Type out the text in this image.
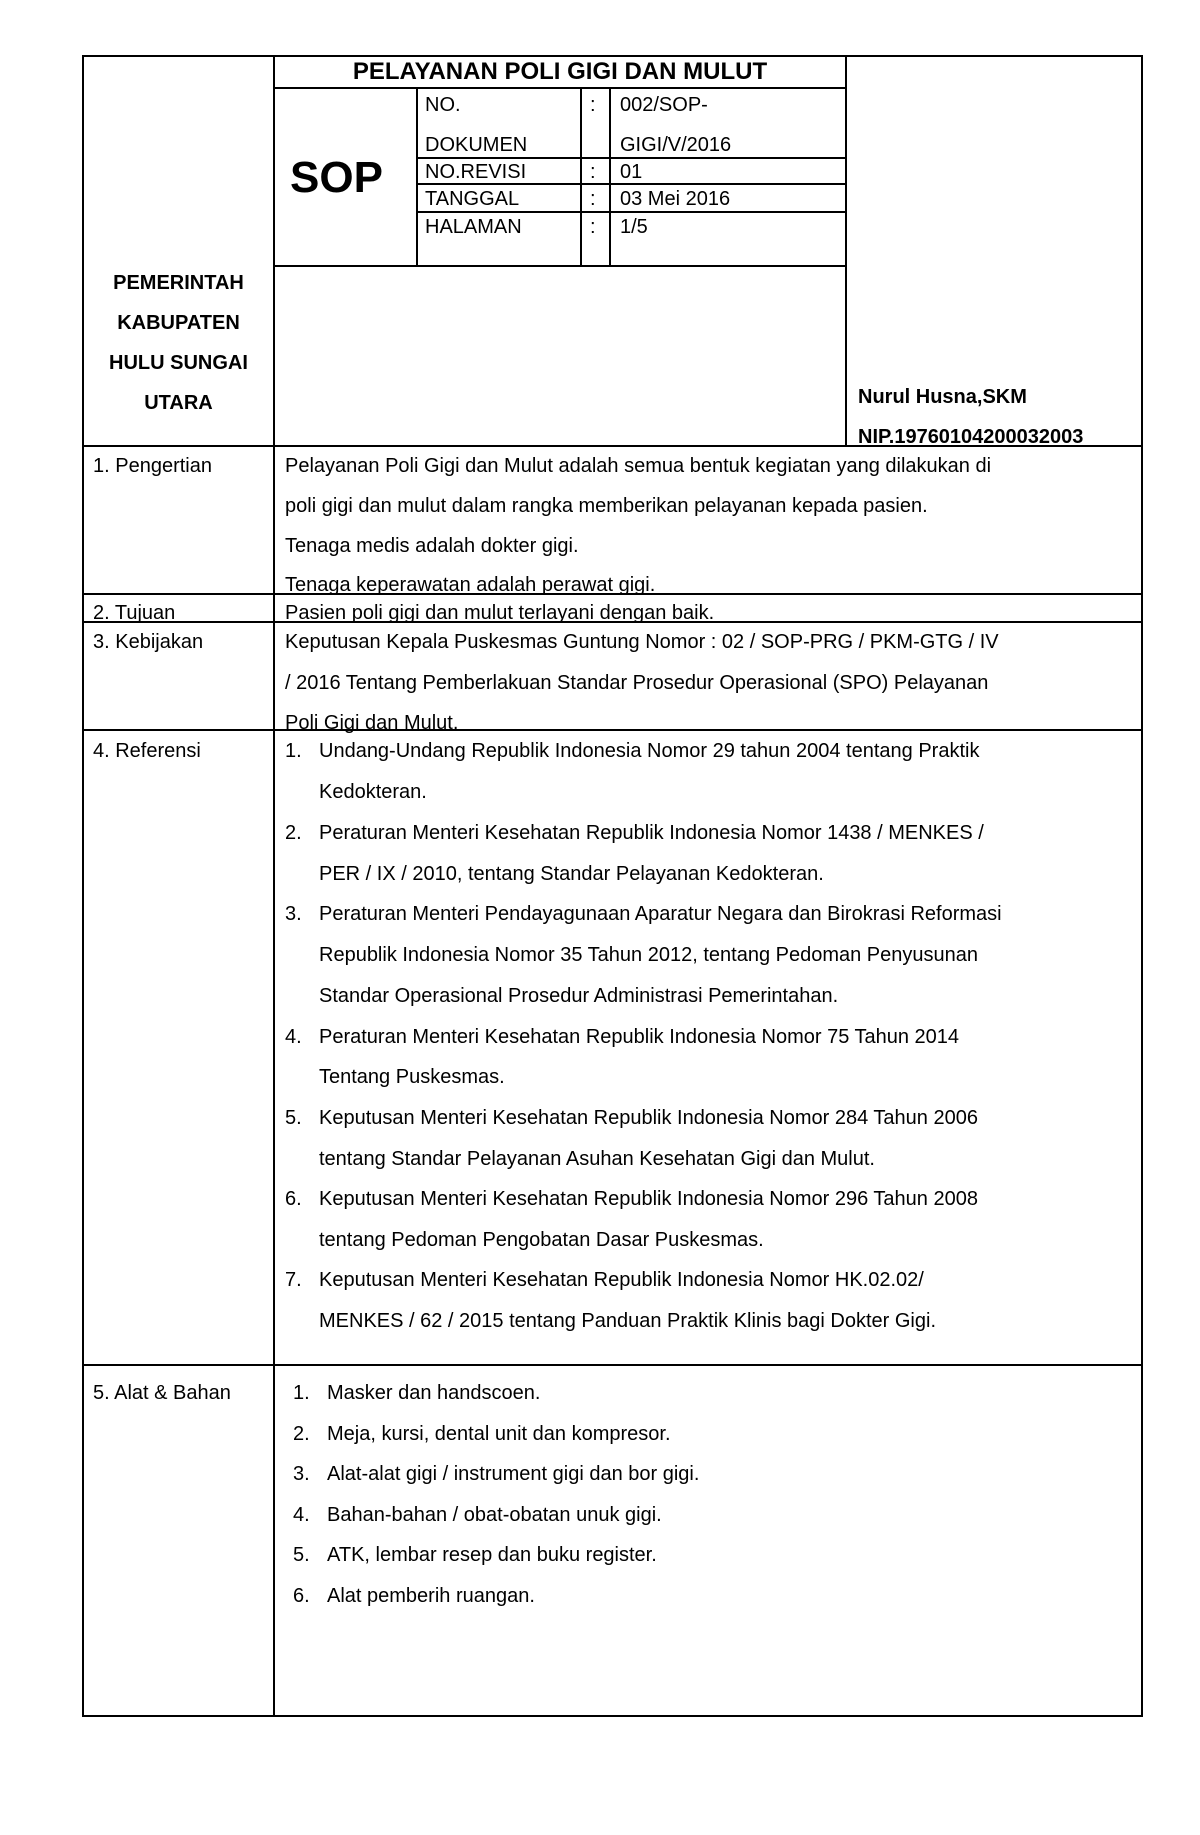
PELAYANAN POLI GIGI DAN MULUT
SOP
NO.
DOKUMEN
: 002/SOP-
GIGI/V/2016
NO.REVISI	: 01
TANGGAL	: 03 Mei 2016
HALAMAN	: 1/5
PEMERINTAH
KABUPATEN
HULU SUNGAI
UTARA	Nurul Husna,SKM
NIP.19760104200032003
1. Pengertian	Pelayanan Poli Gigi dan Mulut adalah semua bentuk kegiatan yang dilakukan di
poli gigi dan mulut dalam rangka memberikan pelayanan kepada pasien.
Tenaga medis adalah dokter gigi.
Tenaga keperawatan adalah perawat gigi.
2. Tujuan	Pasien poli gigi dan mulut terlayani dengan baik.
3. Kebijakan	Keputusan Kepala Puskesmas Guntung Nomor : 02 / SOP-PRG / PKM-GTG / IV
/ 2016 Tentang Pemberlakuan Standar Prosedur Operasional (SPO) Pelayanan
Poli Gigi dan Mulut.
4. Referensi	1. Undang-Undang Republik Indonesia Nomor 29 tahun 2004 tentang Praktik
Kedokteran.
2. Peraturan Menteri Kesehatan Republik Indonesia Nomor 1438 / MENKES /
PER / IX / 2010, tentang Standar Pelayanan Kedokteran.
3. Peraturan Menteri Pendayagunaan Aparatur Negara dan Birokrasi Reformasi
Republik Indonesia Nomor 35 Tahun 2012, tentang Pedoman Penyusunan
Standar Operasional Prosedur Administrasi Pemerintahan.
4. Peraturan Menteri Kesehatan Republik Indonesia Nomor 75 Tahun 2014
Tentang Puskesmas.
5. Keputusan Menteri Kesehatan Republik Indonesia Nomor 284 Tahun 2006
tentang Standar Pelayanan Asuhan Kesehatan Gigi dan Mulut.
6. Keputusan Menteri Kesehatan Republik Indonesia Nomor 296 Tahun 2008
tentang Pedoman Pengobatan Dasar Puskesmas.
7. Keputusan Menteri Kesehatan Republik Indonesia Nomor HK.02.02/
MENKES / 62 / 2015 tentang Panduan Praktik Klinis bagi Dokter Gigi.
5. Alat & Bahan	1. Masker dan handscoen.
2. Meja, kursi, dental unit dan kompresor.
3. Alat-alat gigi / instrument gigi dan bor gigi.
4. Bahan-bahan / obat-obatan unuk gigi.
5. ATK, lembar resep dan buku register.
6. Alat pemberih ruangan.
